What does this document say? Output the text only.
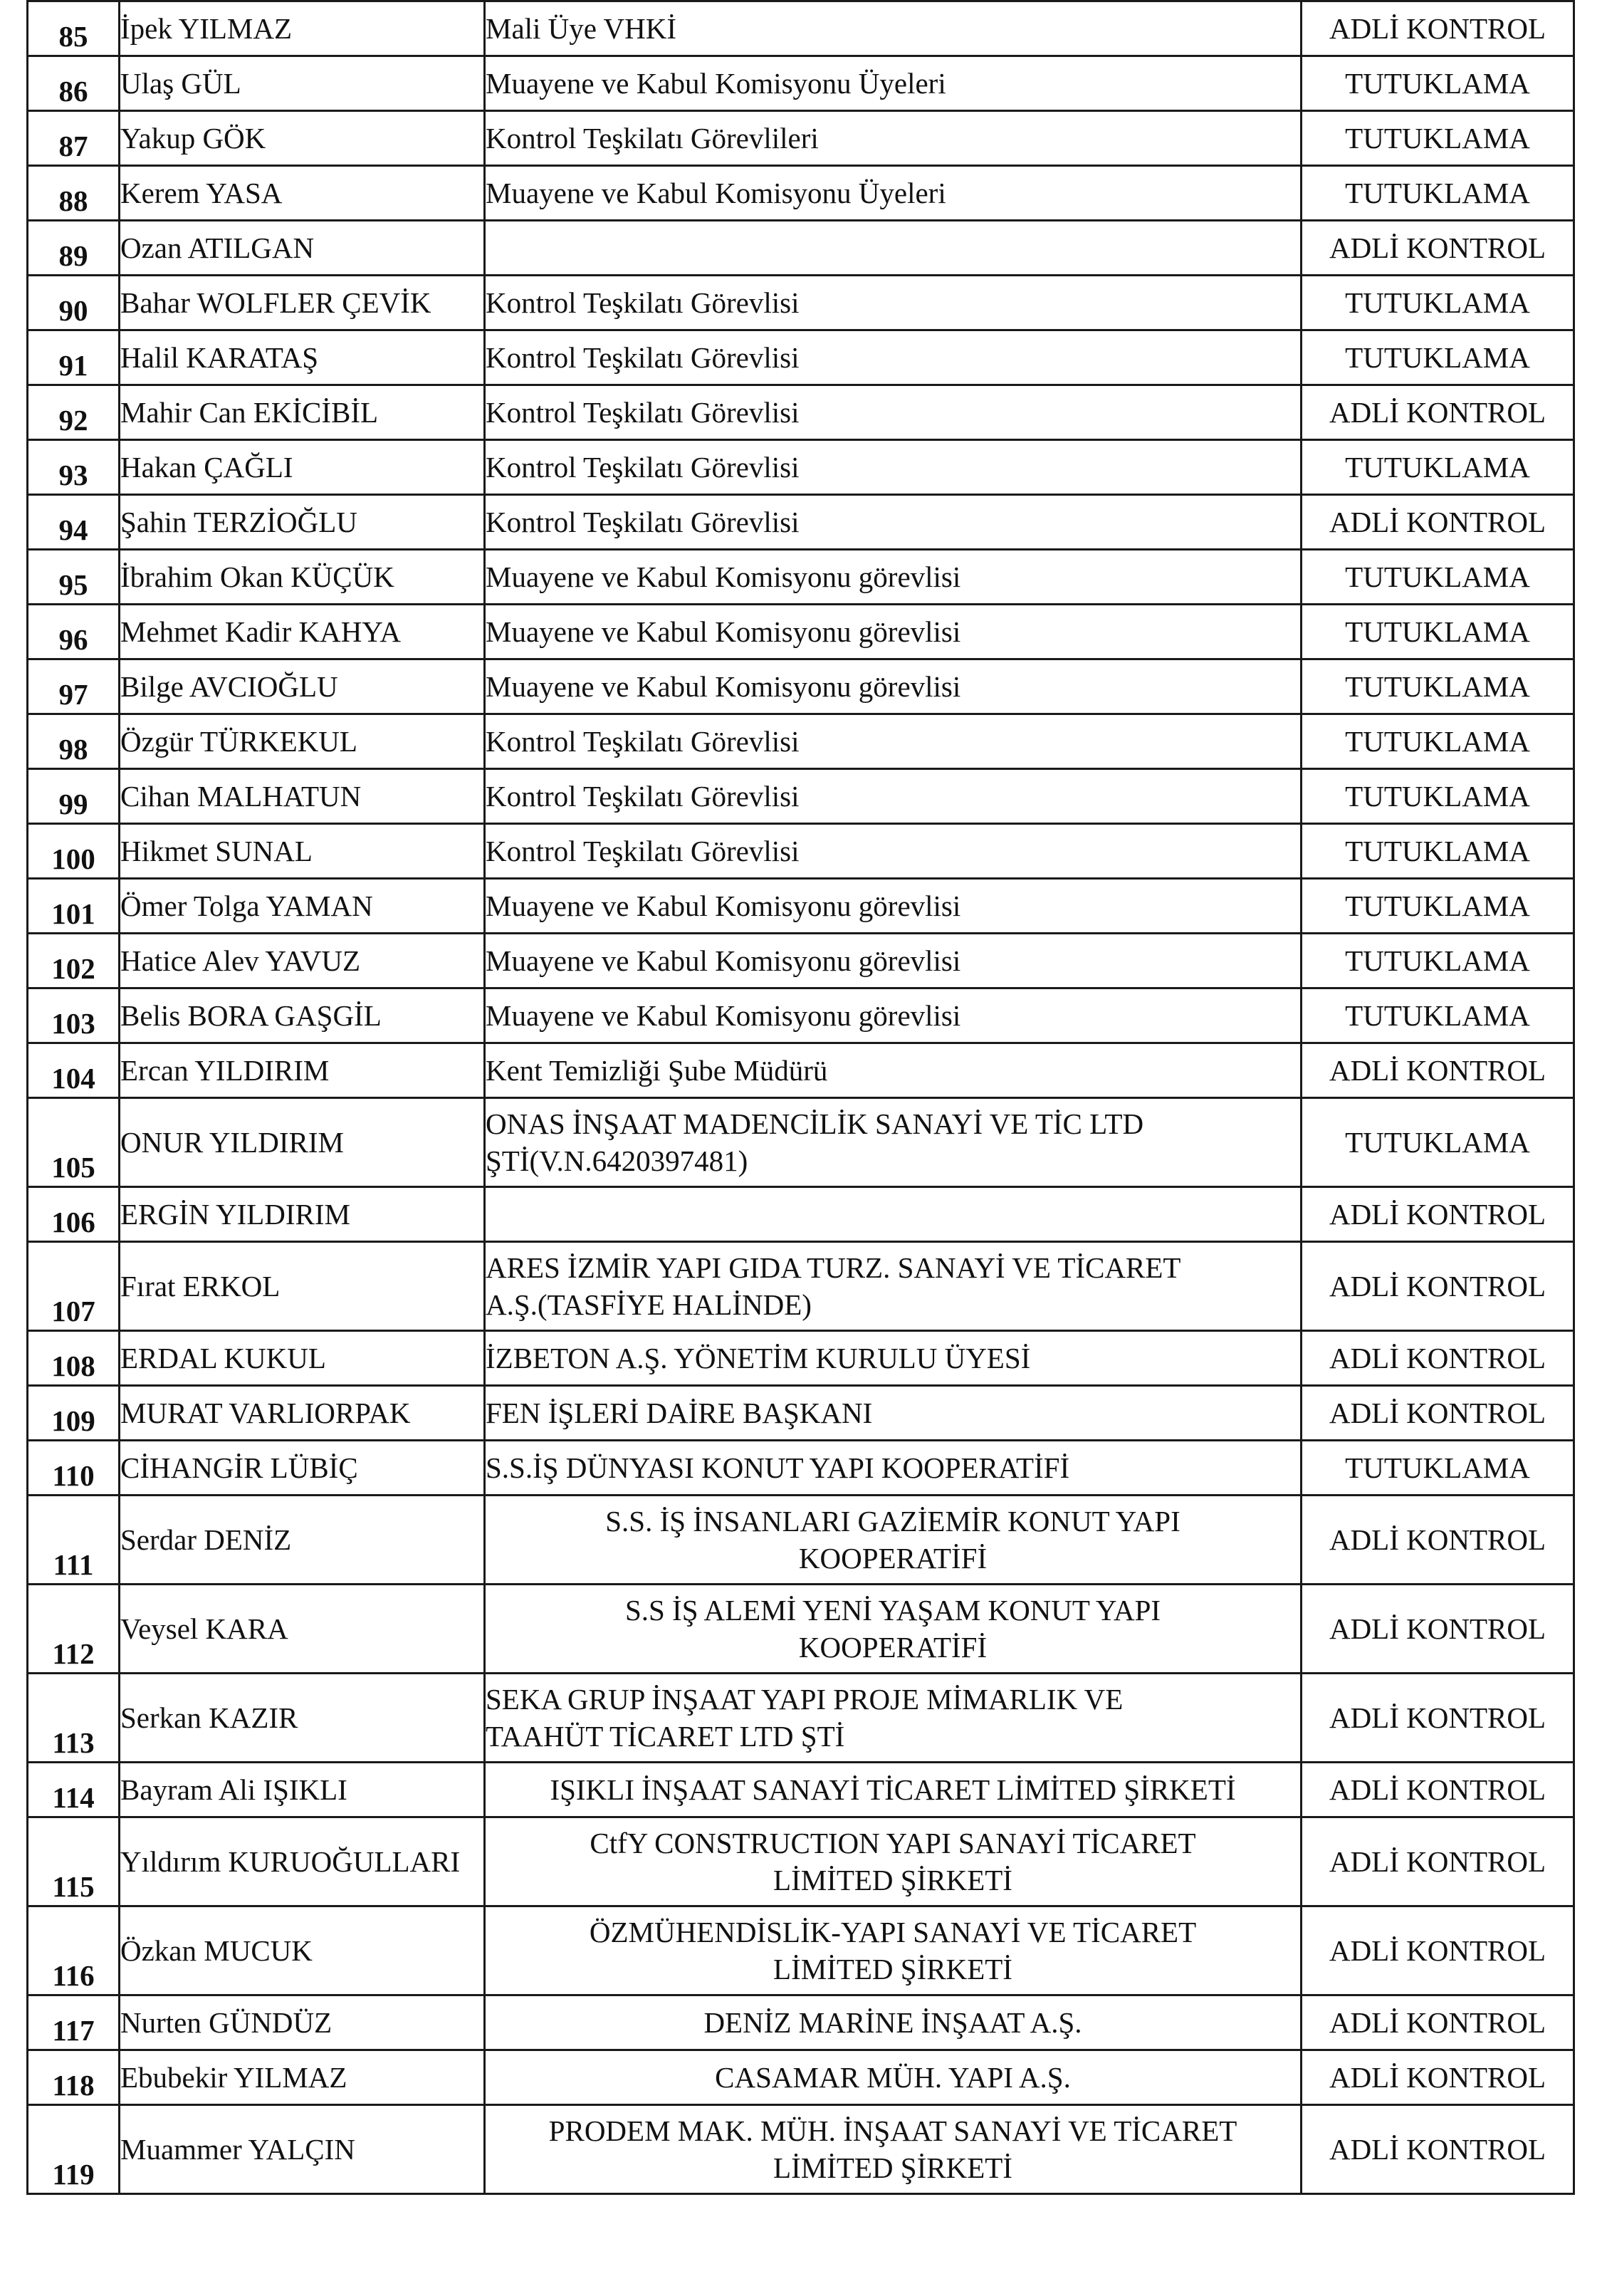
85	İpek YILMAZ	Mali Üye VHKİ	ADLİ KONTROL
86	Ulaş GÜL	Muayene ve Kabul Komisyonu Üyeleri	TUTUKLAMA
87	Yakup GÖK	Kontrol Teşkilatı Görevlileri	TUTUKLAMA
88	Kerem YASA	Muayene ve Kabul Komisyonu Üyeleri	TUTUKLAMA
89	Ozan ATILGAN		ADLİ KONTROL
90	Bahar WOLFLER ÇEVİK	Kontrol Teşkilatı Görevlisi	TUTUKLAMA
91	Halil KARATAŞ	Kontrol Teşkilatı Görevlisi	TUTUKLAMA
92	Mahir Can EKİCİBİL	Kontrol Teşkilatı Görevlisi	ADLİ KONTROL
93	Hakan ÇAĞLI	Kontrol Teşkilatı Görevlisi	TUTUKLAMA
94	Şahin TERZİOĞLU	Kontrol Teşkilatı Görevlisi	ADLİ KONTROL
95	İbrahim Okan KÜÇÜK	Muayene ve Kabul Komisyonu görevlisi	TUTUKLAMA
96	Mehmet Kadir KAHYA	Muayene ve Kabul Komisyonu görevlisi	TUTUKLAMA
97	Bilge AVCIOĞLU	Muayene ve Kabul Komisyonu görevlisi	TUTUKLAMA
98	Özgür TÜRKEKUL	Kontrol Teşkilatı Görevlisi	TUTUKLAMA
99	Cihan MALHATUN	Kontrol Teşkilatı Görevlisi	TUTUKLAMA
100	Hikmet SUNAL	Kontrol Teşkilatı Görevlisi	TUTUKLAMA
101	Ömer Tolga YAMAN	Muayene ve Kabul Komisyonu görevlisi	TUTUKLAMA
102	Hatice Alev YAVUZ	Muayene ve Kabul Komisyonu görevlisi	TUTUKLAMA
103	Belis BORA GAŞGİL	Muayene ve Kabul Komisyonu görevlisi	TUTUKLAMA
104	Ercan YILDIRIM	Kent Temizliği Şube Müdürü	ADLİ KONTROL
105	ONUR YILDIRIM	ONAS İNŞAAT MADENCİLİK SANAYİ VE TİC LTD
ŞTİ(V.N.6420397481)	TUTUKLAMA
106	ERGİN YILDIRIM		ADLİ KONTROL
107	Fırat ERKOL	ARES İZMİR YAPI GIDA TURZ. SANAYİ VE TİCARET
A.Ş.(TASFİYE HALİNDE)	ADLİ KONTROL
108	ERDAL KUKUL	İZBETON A.Ş. YÖNETİM KURULU ÜYESİ	ADLİ KONTROL
109	MURAT VARLIORPAK	FEN İŞLERİ DAİRE BAŞKANI	ADLİ KONTROL
110	CİHANGİR LÜBİÇ	S.S.İŞ DÜNYASI KONUT YAPI KOOPERATİFİ	TUTUKLAMA
111	Serdar DENİZ	S.S. İŞ İNSANLARI GAZİEMİR KONUT YAPI
KOOPERATİFİ	ADLİ KONTROL
112	Veysel KARA	S.S İŞ ALEMİ YENİ YAŞAM KONUT YAPI
KOOPERATİFİ	ADLİ KONTROL
113	Serkan KAZIR	SEKA GRUP İNŞAAT YAPI PROJE MİMARLIK VE
TAAHÜT TİCARET LTD ŞTİ	ADLİ KONTROL
114	Bayram Ali IŞIKLI	IŞIKLI İNŞAAT SANAYİ TİCARET LİMİTED ŞİRKETİ	ADLİ KONTROL
115	Yıldırım KURUOĞULLARI	CtfY CONSTRUCTION YAPI SANAYİ TİCARET
LİMİTED ŞİRKETİ	ADLİ KONTROL
116	Özkan MUCUK	ÖZMÜHENDİSLİK-YAPI SANAYİ VE TİCARET
LİMİTED ŞİRKETİ	ADLİ KONTROL
117	Nurten GÜNDÜZ	DENİZ MARİNE İNŞAAT A.Ş.	ADLİ KONTROL
118	Ebubekir YILMAZ	CASAMAR MÜH. YAPI A.Ş.	ADLİ KONTROL
119	Muammer YALÇIN	PRODEM MAK. MÜH. İNŞAAT SANAYİ VE TİCARET
LİMİTED ŞİRKETİ	ADLİ KONTROL
